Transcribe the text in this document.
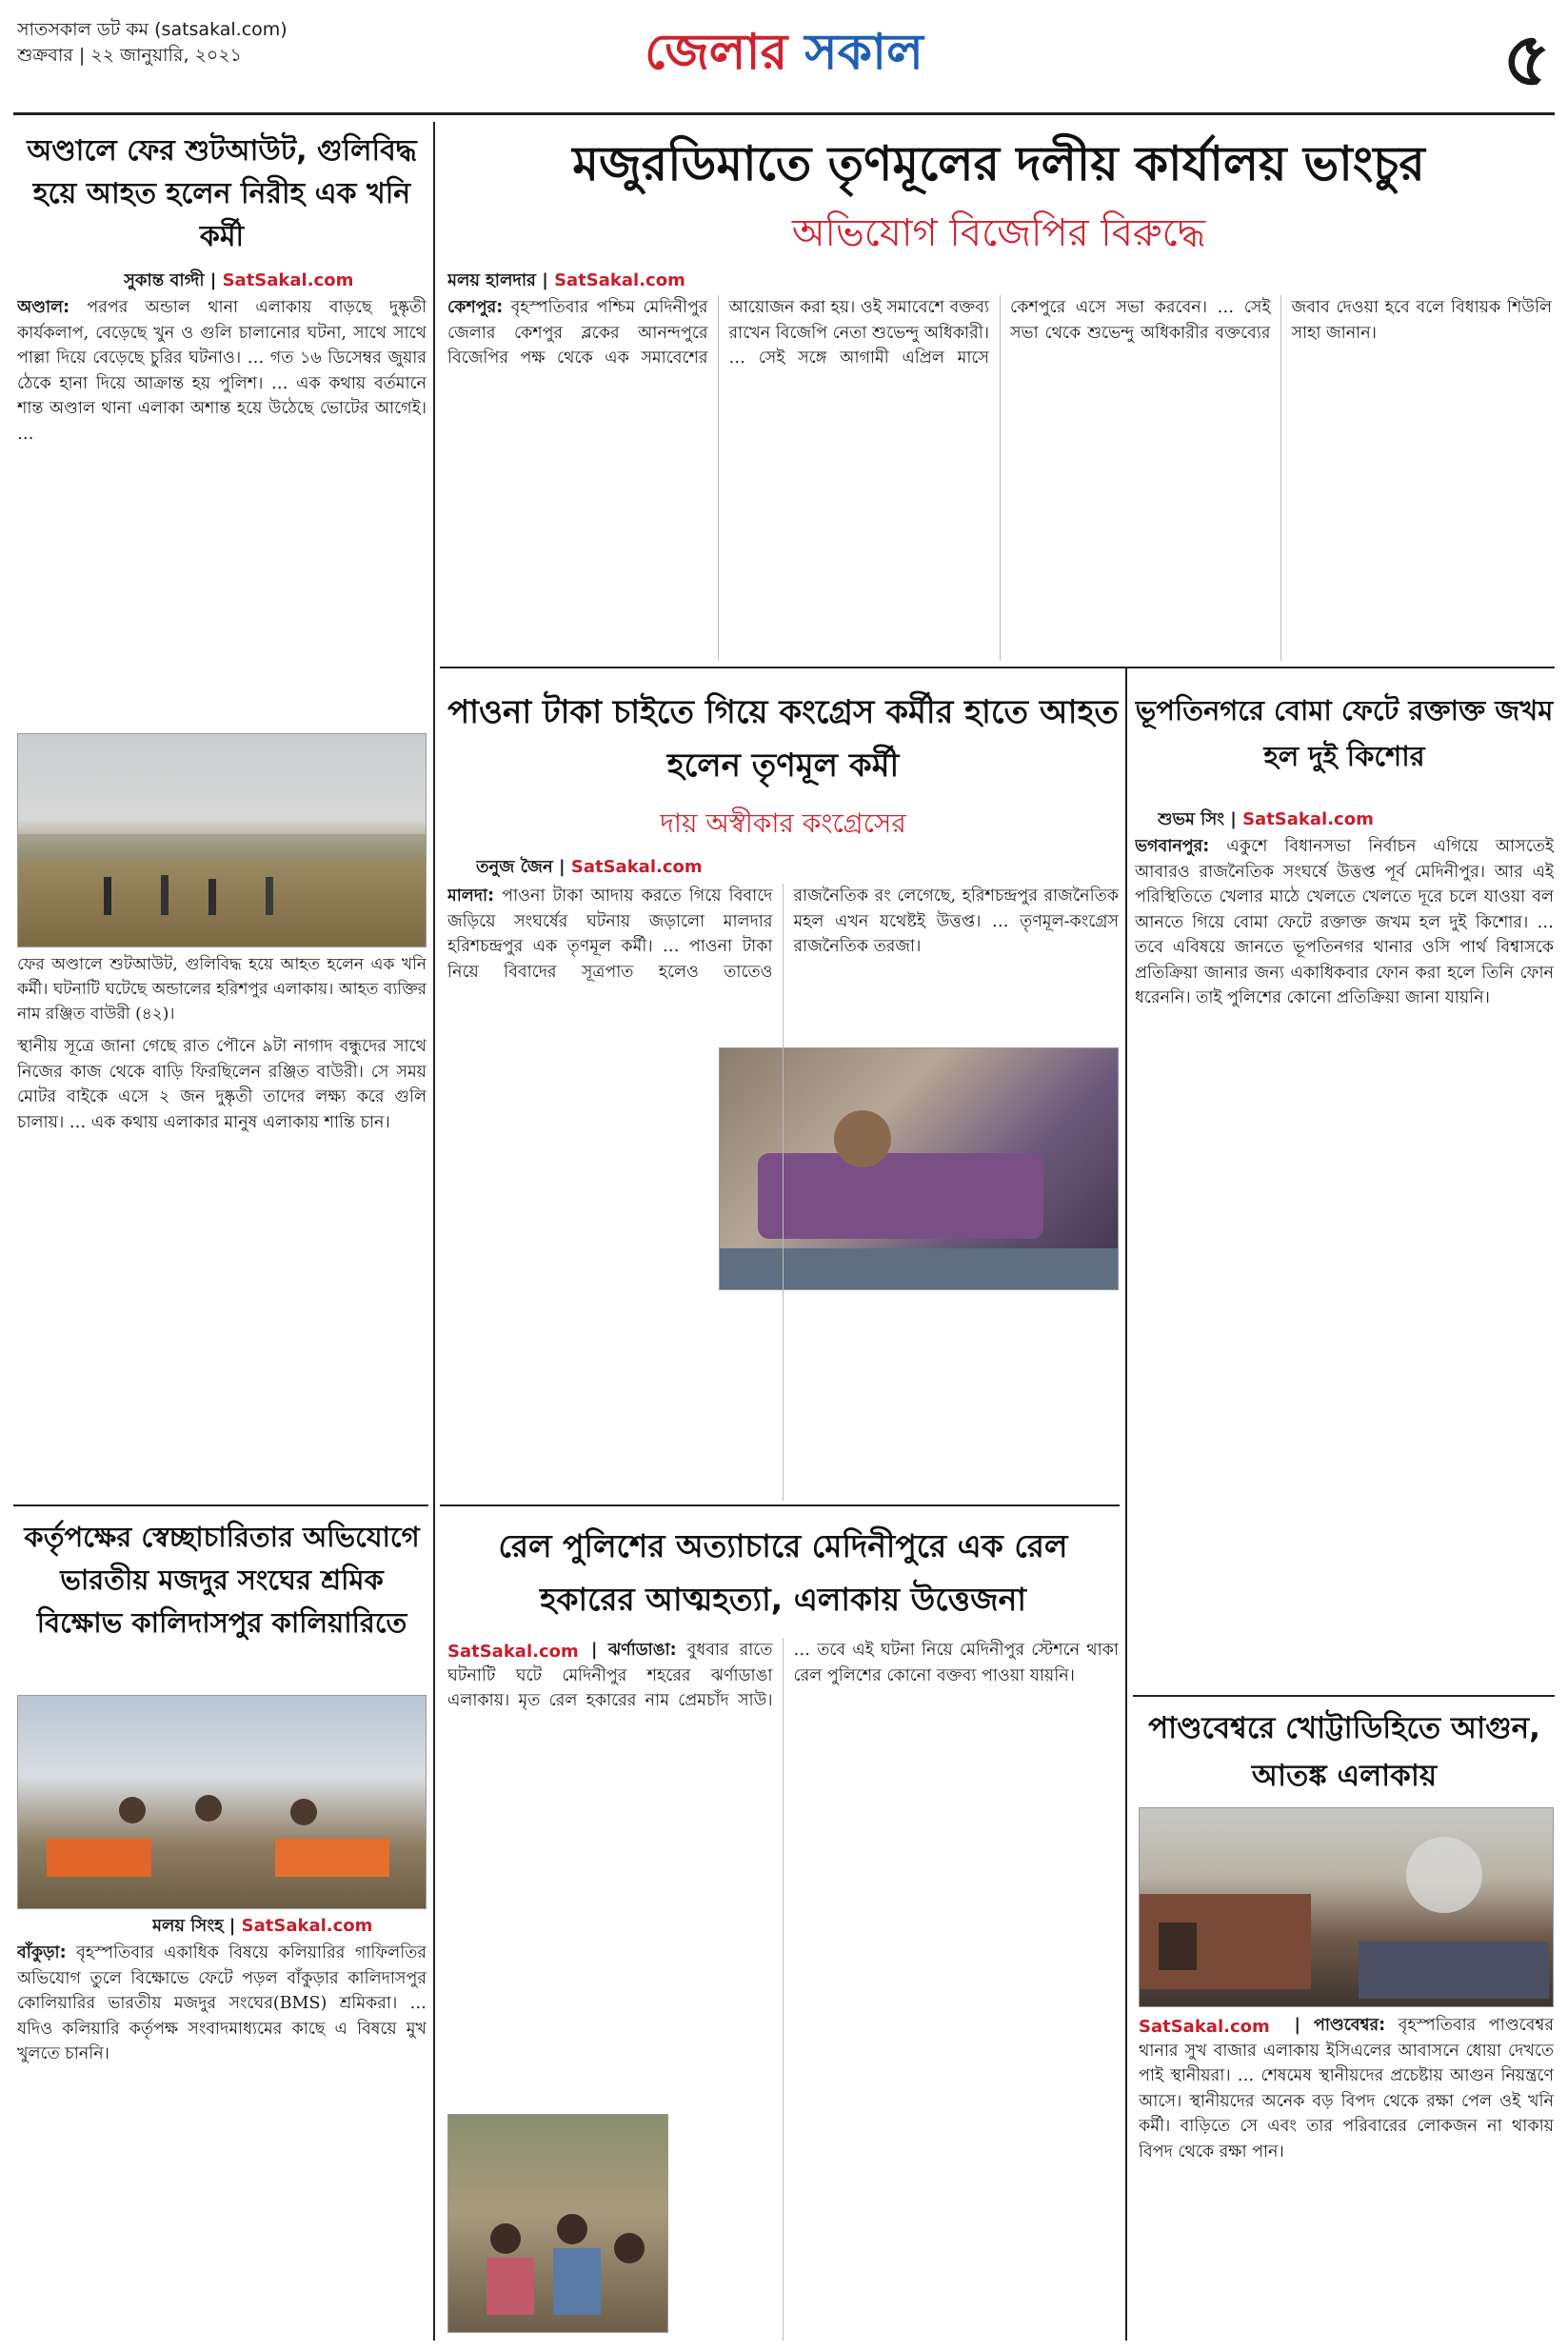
সাতসকাল ডট কম (satsakal.com)
শুক্রবার | ২২ জানুয়ারি, ২০২১	জেলার সকাল	৫
অণ্ডালে ফের শুটআউট, গুলিবিদ্ধ হয়ে আহত হলেন নিরীহ এক খনি কর্মী
সুকান্ত বাগ্দী | SatSakal.com
অণ্ডাল: পরপর অন্ডাল থানা এলাকায় বাড়ছে দুষ্কৃতী কার্যকলাপ, বেড়েছে খুন ও গুলি চালানোর ঘটনা, সাথে সাথে পাল্লা দিয়ে বেড়েছে চুরির ঘটনাও। … গত ১৬ ডিসেম্বর জুয়ার ঠেকে হানা দিয়ে আক্রান্ত হয় পুলিশ। … এক কথায় বর্তমানে শান্ত অণ্ডাল থানা এলাকা অশান্ত হয়ে উঠেছে ভোটের আগেই। …
ফের অণ্ডালে শুটআউট, গুলিবিদ্ধ হয়ে আহত হলেন এক খনি কর্মী। ঘটনাটি ঘটেছে অন্ডালের হরিশপুর এলাকায়। আহত ব্যক্তির নাম রঞ্জিত বাউরী (৪২)।
স্থানীয় সূত্রে জানা গেছে রাত পৌনে ৯টা নাগাদ বন্ধুদের সাথে নিজের কাজ থেকে বাড়ি ফিরছিলেন রঞ্জিত বাউরী। সে সময় মোটর বাইকে এসে ২ জন দুষ্কৃতী তাদের লক্ষ্য করে গুলি চালায়। … এক কথায় এলাকার মানুষ এলাকায় শান্তি চান।
কর্তৃপক্ষের স্বেচ্ছাচারিতার অভিযোগে ভারতীয় মজদুর সংঘের শ্রমিক বিক্ষোভ কালিদাসপুর কালিয়ারিতে
মলয় সিংহ | SatSakal.com
বাঁকুড়া: বৃহস্পতিবার একাধিক বিষয়ে কলিয়ারির গাফিলতির অভিযোগ তুলে বিক্ষোভে ফেটে পড়ল বাঁকুড়ার কালিদাসপুর কোলিয়ারির ভারতীয় মজদুর সংঘের(BMS) শ্রমিকরা। … যদিও কলিয়ারি কর্তৃপক্ষ সংবাদমাধ্যমের কাছে এ বিষয়ে মুখ খুলতে চাননি।
মজুরডিমাতে তৃণমূলের দলীয় কার্যালয় ভাংচুর
অভিযোগ বিজেপির বিরুদ্ধে
মলয় হালদার | SatSakal.com
কেশপুর: বৃহস্পতিবার পশ্চিম মেদিনীপুর জেলার কেশপুর ব্লকের আনন্দপুরে বিজেপির পক্ষ থেকে এক সমাবেশের আয়োজন করা হয়। ওই সমাবেশে বক্তব্য রাখেন বিজেপি নেতা শুভেন্দু অধিকারী। … সেই সঙ্গে আগামী এপ্রিল মাসে কেশপুরে এসে সভা করবেন। … সেই সভা থেকে শুভেন্দু অধিকারীর বক্তব্যের জবাব দেওয়া হবে বলে বিধায়ক শিউলি সাহা জানান।
পাওনা টাকা চাইতে গিয়ে কংগ্রেস কর্মীর হাতে আহত হলেন তৃণমূল কর্মী
দায় অস্বীকার কংগ্রেসের
তনুজ জৈন | SatSakal.com
মালদা: পাওনা টাকা আদায় করতে গিয়ে বিবাদে জড়িয়ে সংঘর্ষের ঘটনায় জড়ালো মালদার হরিশচন্দ্রপুর এক তৃণমূল কর্মী। … পাওনা টাকা নিয়ে বিবাদের সূত্রপাত হলেও তাতেও রাজনৈতিক রং লেগেছে, হরিশচন্দ্রপুর রাজনৈতিক মহল এখন যথেষ্টই উত্তপ্ত। … তৃণমূল-কংগ্রেস রাজনৈতিক তরজা।
ভূপতিনগরে বোমা ফেটে রক্তাক্ত জখম হল দুই কিশোর
শুভম সিং | SatSakal.com
ভগবানপুর: একুশে বিধানসভা নির্বাচন এগিয়ে আসতেই আবারও রাজনৈতিক সংঘর্ষে উত্তপ্ত পূর্ব মেদিনীপুর। আর এই পরিস্থিতিতে খেলার মাঠে খেলতে খেলতে দূরে চলে যাওয়া বল আনতে গিয়ে বোমা ফেটে রক্তাক্ত জখম হল দুই কিশোর। … তবে এবিষয়ে জানতে ভূপতিনগর থানার ওসি পার্থ বিশ্বাসকে প্রতিক্রিয়া জানার জন্য একাধিকবার ফোন করা হলে তিনি ফোন ধরেননি। তাই পুলিশের কোনো প্রতিক্রিয়া জানা যায়নি।
রেল পুলিশের অত্যাচারে মেদিনীপুরে এক রেল হকারের আত্মহত্যা, এলাকায় উত্তেজনা
SatSakal.com | ঝর্ণাডাঙা: বুধবার রাতে ঘটনাটি ঘটে মেদিনীপুর শহরের ঝর্ণাডাঙা এলাকায়। মৃত রেল হকারের নাম প্রেমচাঁদ সাউ। … তবে এই ঘটনা নিয়ে মেদিনীপুর স্টেশনে থাকা রেল পুলিশের কোনো বক্তব্য পাওয়া যায়নি।
পাণ্ডবেশ্বরে খোট্টাডিহিতে আগুন, আতঙ্ক এলাকায়
SatSakal.com	| পাণ্ডবেশ্বর: বৃহস্পতিবার পাণ্ডবেশ্বর থানার সুখ বাজার এলাকায় ইসিএলের আবাসনে ধোয়া দেখতে পাই স্থানীয়রা। … শেষমেষ স্থানীয়দের প্রচেষ্টায় আগুন নিয়ন্ত্রণে আসে। স্থানীয়দের অনেক বড় বিপদ থেকে রক্ষা পেল ওই খনি কর্মী। বাড়িতে সে এবং তার পরিবারের লোকজন না থাকায় বিপদ থেকে রক্ষা পান।
